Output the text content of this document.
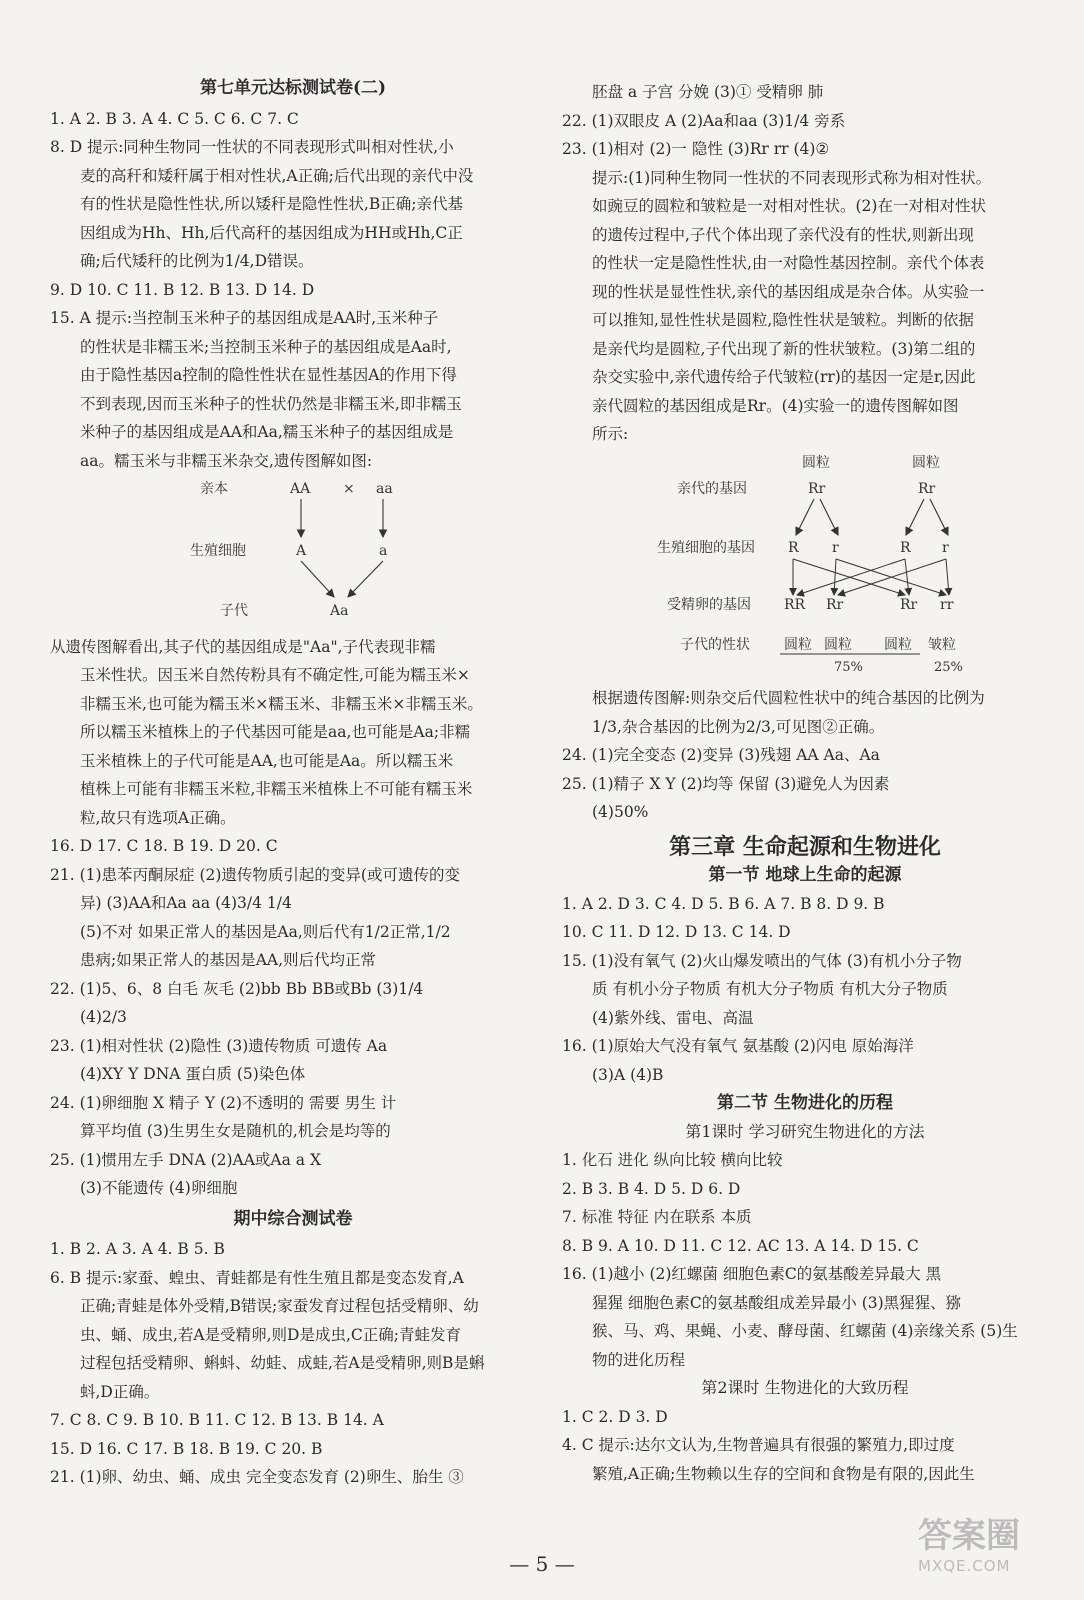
第七单元达标测试卷(二)
1. A 2. B 3. A 4. C 5. C 6. C 7. C
8. D 提示:同种生物同一性状的不同表现形式叫相对性状,小
麦的高秆和矮秆属于相对性状,A正确;后代出现的亲代中没
有的性状是隐性性状,所以矮秆是隐性性状,B正确;亲代基
因组成为Hh、Hh,后代高秆的基因组成为HH或Hh,C正
确;后代矮秆的比例为1/4,D错误。
9. D 10. C 11. B 12. B 13. D 14. D
15. A 提示:当控制玉米种子的基因组成是AA时,玉米种子
的性状是非糯玉米;当控制玉米种子的基因组成是Aa时,
由于隐性基因a控制的隐性性状在显性基因A的作用下得
不到表现,因而玉米种子的性状仍然是非糯玉米,即非糯玉
米种子的基因组成是AA和Aa,糯玉米种子的基因组成是
aa。糯玉米与非糯玉米杂交,遗传图解如图:
亲本	AA × aa
生殖细胞	A	a
子代	Aa
从遗传图解看出,其子代的基因组成是"Aa",子代表现非糯
玉米性状。因玉米自然传粉具有不确定性,可能为糯玉米×
非糯玉米,也可能为糯玉米×糯玉米、非糯玉米×非糯玉米。
所以糯玉米植株上的子代基因可能是aa,也可能是Aa;非糯
玉米植株上的子代可能是AA,也可能是Aa。所以糯玉米
植株上可能有非糯玉米粒,非糯玉米植株上不可能有糯玉米
粒,故只有选项A正确。
16. D 17. C 18. B 19. D 20. C
21. (1)患苯丙酮尿症 (2)遗传物质引起的变异(或可遗传的变
异) (3)AA和Aa aa (4)3/4 1/4
(5)不对 如果正常人的基因是Aa,则后代有1/2正常,1/2
患病;如果正常人的基因是AA,则后代均正常
22. (1)5、6、8 白毛 灰毛 (2)bb Bb BB或Bb (3)1/4
(4)2/3
23. (1)相对性状 (2)隐性 (3)遗传物质 可遗传 Aa
(4)XY Y DNA 蛋白质 (5)染色体
24. (1)卵细胞 X 精子 Y (2)不透明的 需要 男生 计
算平均值 (3)生男生女是随机的,机会是均等的
25. (1)惯用左手 DNA (2)AA或Aa a X
(3)不能遗传 (4)卵细胞
期中综合测试卷
1. B 2. A 3. A 4. B 5. B
6. B 提示:家蚕、蝗虫、青蛙都是有性生殖且都是变态发育,A
正确;青蛙是体外受精,B错误;家蚕发育过程包括受精卵、幼
虫、蛹、成虫,若A是受精卵,则D是成虫,C正确;青蛙发育
过程包括受精卵、蝌蚪、幼蛙、成蛙,若A是受精卵,则B是蝌
蚪,D正确。
7. C 8. C 9. B 10. B 11. C 12. B 13. B 14. A
15. D 16. C 17. B 18. B 19. C 20. B
21. (1)卵、幼虫、蛹、成虫 完全变态发育 (2)卵生、胎生 ③
胚盘 a 子宫 分娩 (3)① 受精卵 肺
22. (1)双眼皮 A (2)Aa和aa (3)1/4 旁系
23. (1)相对 (2)一 隐性 (3)Rr rr (4)②
提示:(1)同种生物同一性状的不同表现形式称为相对性状。
如豌豆的圆粒和皱粒是一对相对性状。(2)在一对相对性状
的遗传过程中,子代个体出现了亲代没有的性状,则新出现
的性状一定是隐性性状,由一对隐性基因控制。亲代个体表
现的性状是显性性状,亲代的基因组成是杂合体。从实验一
可以推知,显性性状是圆粒,隐性性状是皱粒。判断的依据
是亲代均是圆粒,子代出现了新的性状皱粒。(3)第二组的
杂交实验中,亲代遗传给子代皱粒(rr)的基因一定是r,因此
亲代圆粒的基因组成是Rr。(4)实验一的遗传图解如图
所示:
圆粒	圆粒
亲代的基因	Rr	Rr
生殖细胞的基因 R r	R r
受精卵的基因 RR Rr	Rr rr
子代的性状 圆粒 圆粒 圆粒 皱粒
75%	25%
根据遗传图解:则杂交后代圆粒性状中的纯合基因的比例为
1/3,杂合基因的比例为2/3,可见图②正确。
24. (1)完全变态 (2)变异 (3)残翅 AA Aa、Aa
25. (1)精子 X Y (2)均等 保留 (3)避免人为因素
(4)50%
第三章 生命起源和生物进化
第一节 地球上生命的起源
1. A 2. D 3. C 4. D 5. B 6. A 7. B 8. D 9. B
10. C 11. D 12. D 13. C 14. D
15. (1)没有氧气 (2)火山爆发喷出的气体 (3)有机小分子物
质 有机小分子物质 有机大分子物质 有机大分子物质
(4)紫外线、雷电、高温
16. (1)原始大气没有氧气 氨基酸 (2)闪电 原始海洋
(3)A (4)B
第二节 生物进化的历程
第1课时 学习研究生物进化的方法
1. 化石 进化 纵向比较 横向比较
2. B 3. B 4. D 5. D 6. D
7. 标准 特征 内在联系 本质
8. B 9. A 10. D 11. C 12. AC 13. A 14. D 15. C
16. (1)越小 (2)红螺菌 细胞色素C的氨基酸差异最大 黑
猩猩 细胞色素C的氨基酸组成差异最小 (3)黑猩猩、猕
猴、马、鸡、果蝇、小麦、酵母菌、红螺菌 (4)亲缘关系 (5)生
物的进化历程
第2课时 生物进化的大致历程
1. C 2. D 3. D
4. C 提示:达尔文认为,生物普遍具有很强的繁殖力,即过度
繁殖,A正确;生物赖以生存的空间和食物是有限的,因此生
— 5 —
答案圈
MXQE.COM
